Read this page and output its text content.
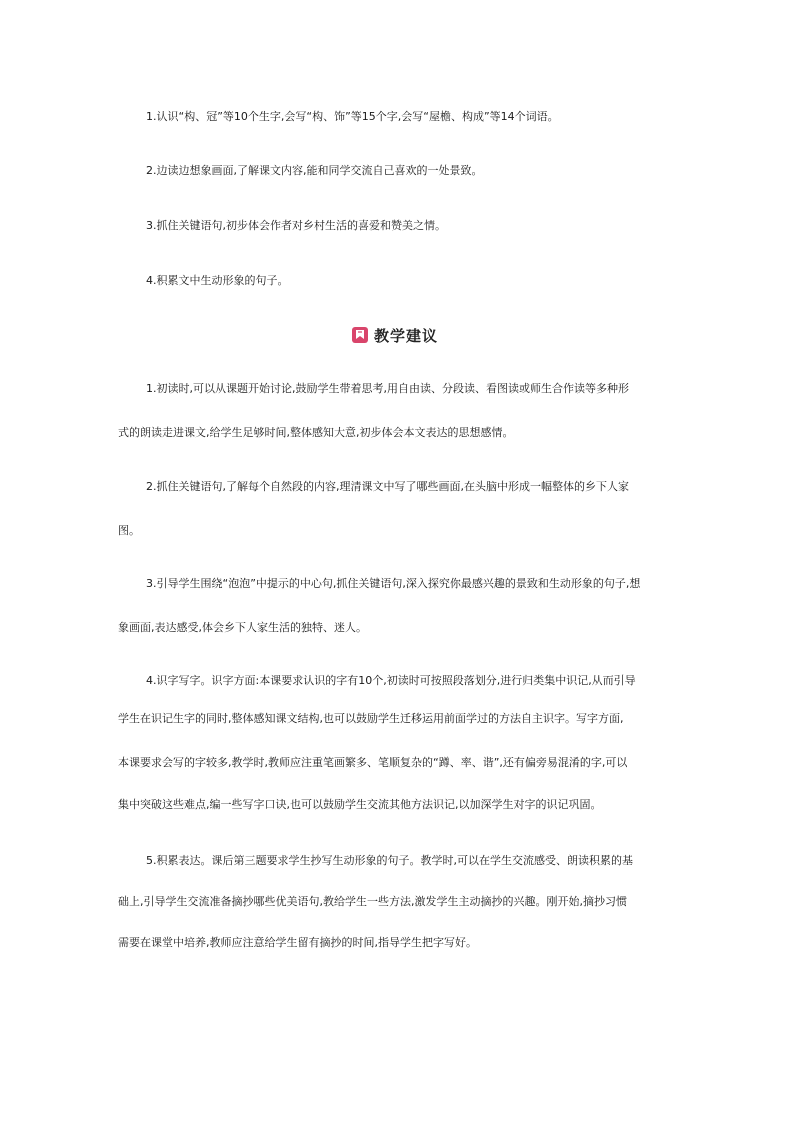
1.认识“构、冠”等10个生字,会写“构、饰”等15个字,会写“屋檐、构成”等14个词语。
2.边读边想象画面,了解课文内容,能和同学交流自己喜欢的一处景致。
3.抓住关键语句,初步体会作者对乡村生活的喜爱和赞美之情。
4.积累文中生动形象的句子。
教学建议
1.初读时,可以从课题开始讨论,鼓励学生带着思考,用自由读、分段读、看图读或师生合作读等多种形
式的朗读走进课文,给学生足够时间,整体感知大意,初步体会本文表达的思想感情。
2.抓住关键语句,了解每个自然段的内容,理清课文中写了哪些画面,在头脑中形成一幅整体的乡下人家
图。
3.引导学生围绕“泡泡”中提示的中心句,抓住关键语句,深入探究你最感兴趣的景致和生动形象的句子,想
象画面,表达感受,体会乡下人家生活的独特、迷人。
4.识字写字。识字方面:本课要求认识的字有10个,初读时可按照段落划分,进行归类集中识记,从而引导
学生在识记生字的同时,整体感知课文结构,也可以鼓励学生迁移运用前面学过的方法自主识字。写字方面,
本课要求会写的字较多,教学时,教师应注重笔画繁多、笔顺复杂的“蹲、率、谐”,还有偏旁易混淆的字,可以
集中突破这些难点,编一些写字口诀,也可以鼓励学生交流其他方法识记,以加深学生对字的识记巩固。
5.积累表达。课后第三题要求学生抄写生动形象的句子。教学时,可以在学生交流感受、朗读积累的基
础上,引导学生交流准备摘抄哪些优美语句,教给学生一些方法,激发学生主动摘抄的兴趣。刚开始,摘抄习惯
需要在课堂中培养,教师应注意给学生留有摘抄的时间,指导学生把字写好。
